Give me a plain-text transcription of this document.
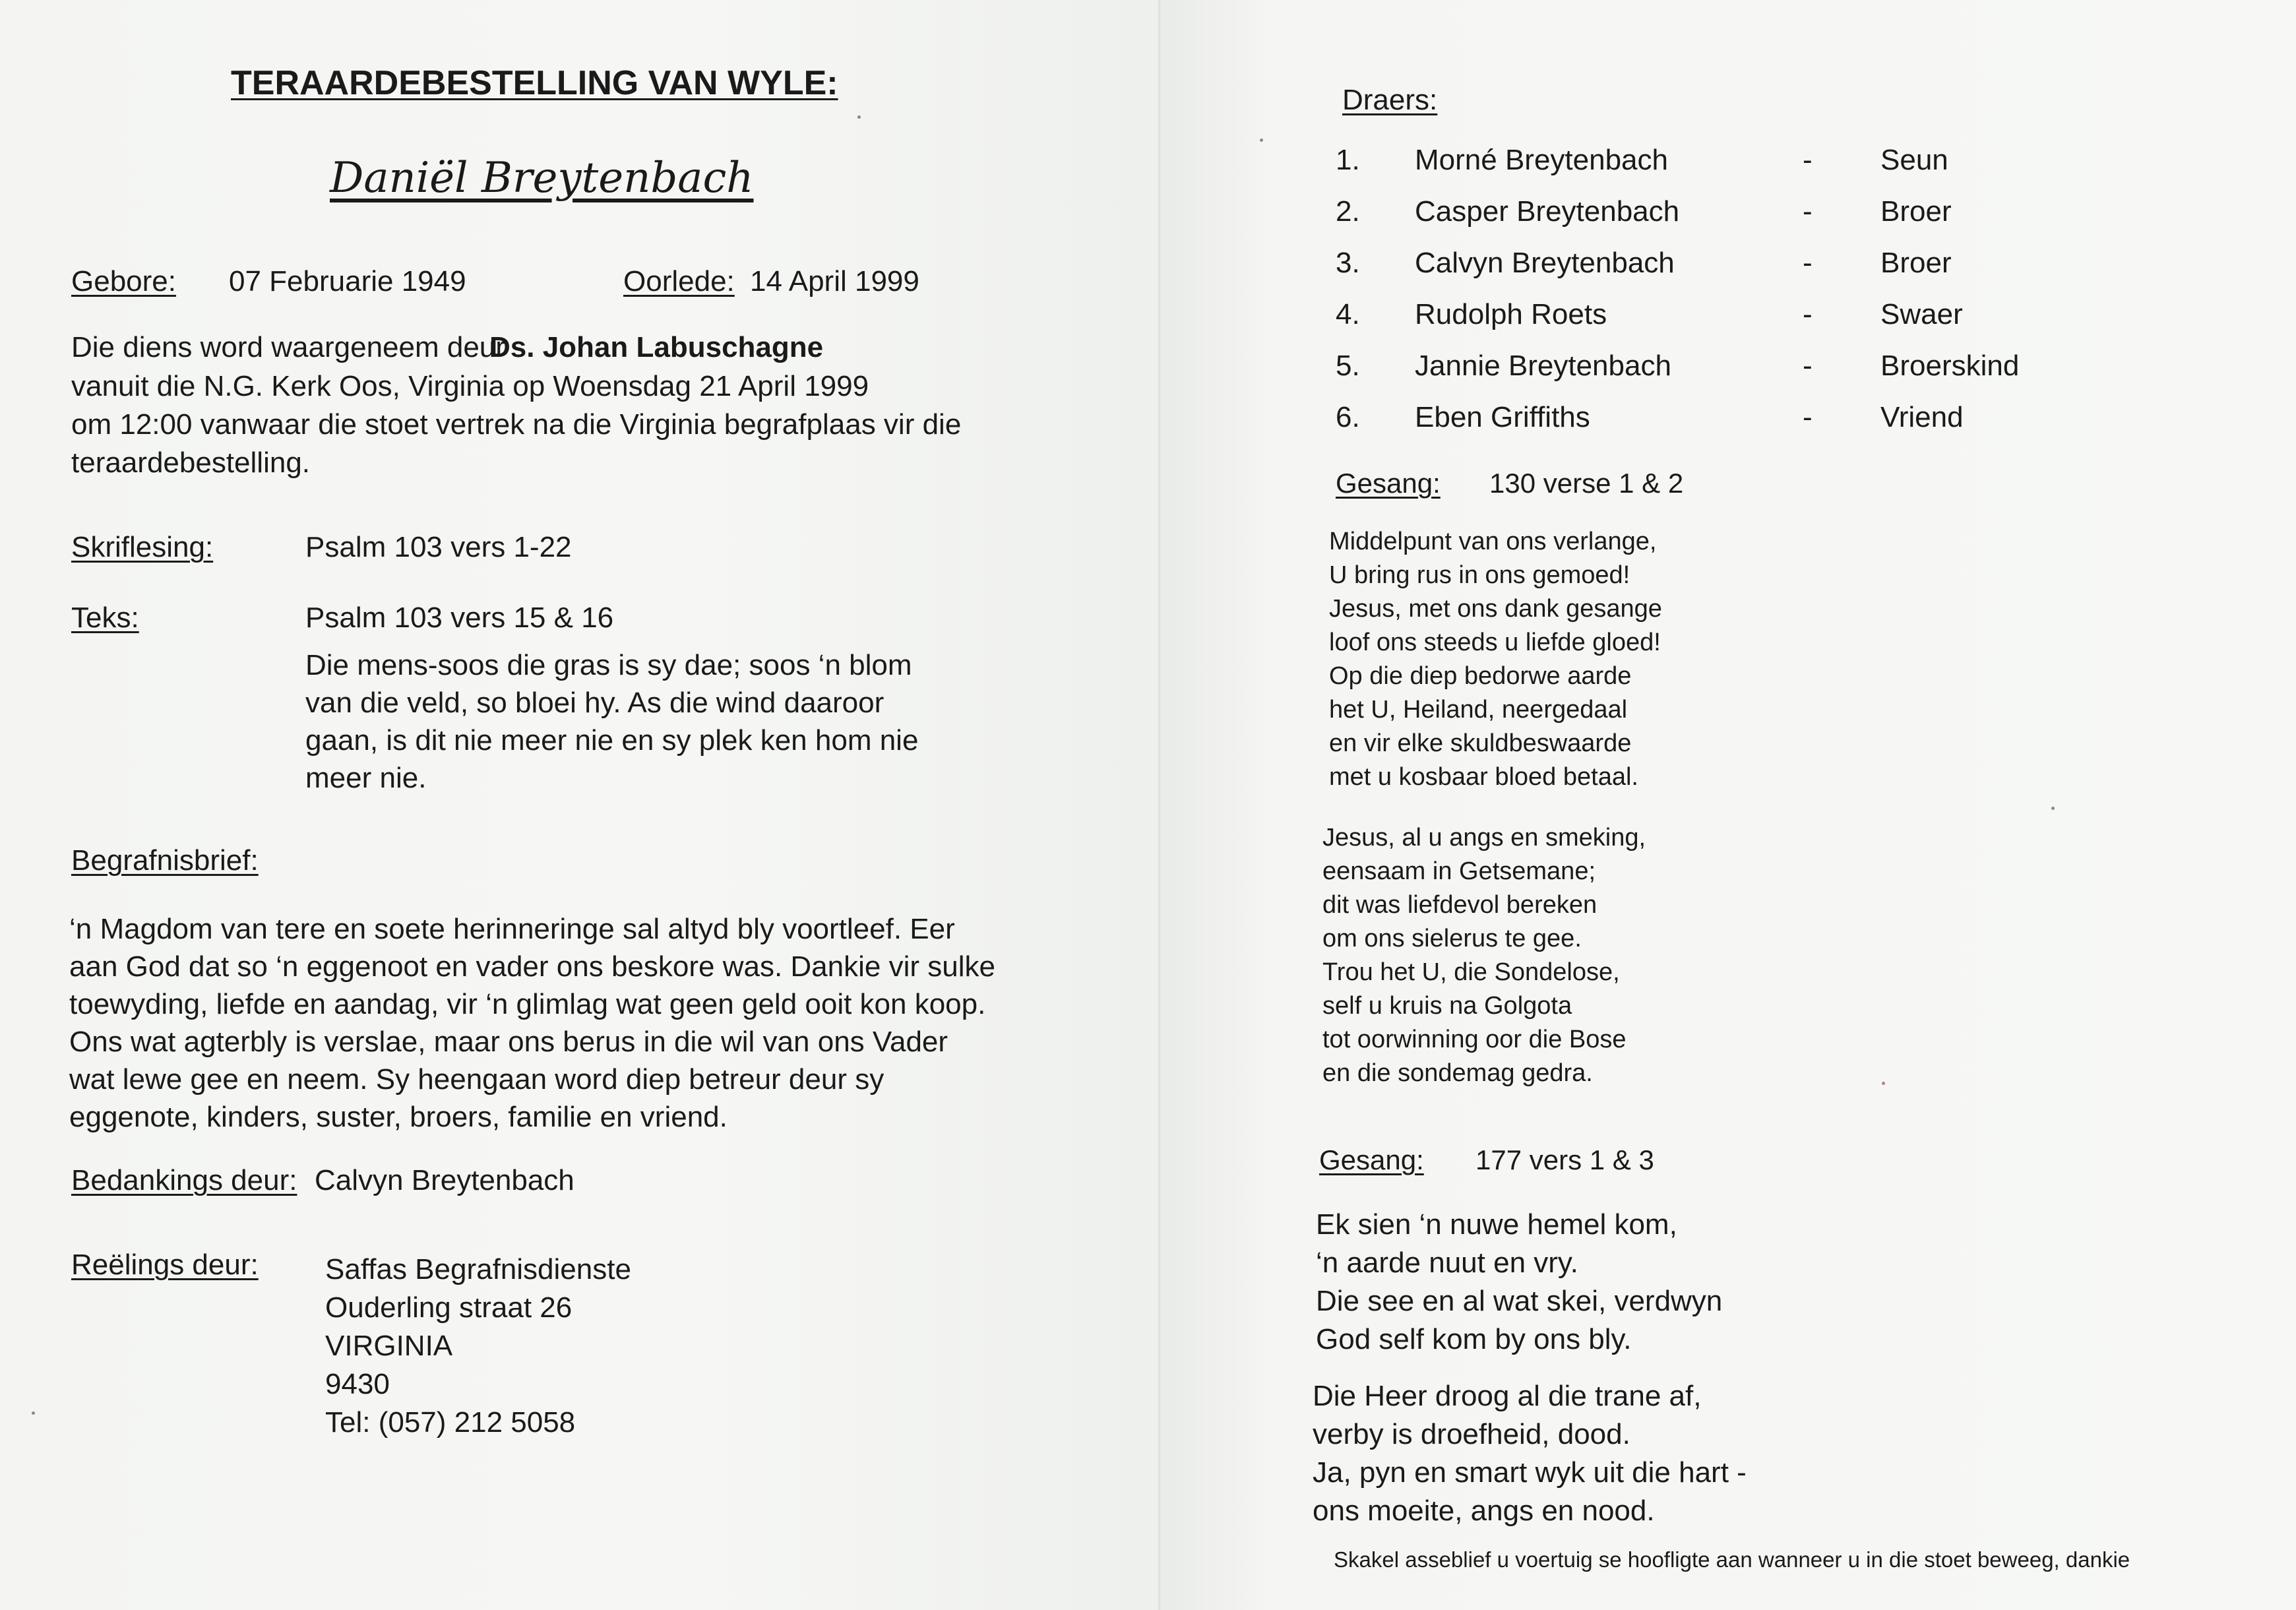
TERAARDEBESTELLING VAN WYLE:
Daniël Breytenbach
Gebore: 07 Februarie 1949	Oorlede: 14 April 1999
Die diens word waargeneem deur
Ds. Johan Labuschagne
vanuit die N.G. Kerk Oos, Virginia op Woensdag 21 April 1999
om 12:00 vanwaar die stoet vertrek na die Virginia begrafplaas vir die
teraardebestelling.
Skriflesing:	Psalm 103 vers 1-22
Teks:	Psalm 103 vers 15 & 16
Die mens-soos die gras is sy dae; soos ‘n blom
van die veld, so bloei hy. As die wind daaroor
gaan, is dit nie meer nie en sy plek ken hom nie
meer nie.
Begrafnisbrief:
‘n Magdom van tere en soete herinneringe sal altyd bly voortleef. Eer
aan God dat so ‘n eggenoot en vader ons beskore was. Dankie vir sulke
toewyding, liefde en aandag, vir ‘n glimlag wat geen geld ooit kon koop.
Ons wat agterbly is verslae, maar ons berus in die wil van ons Vader
wat lewe gee en neem. Sy heengaan word diep betreur deur sy
eggenote, kinders, suster, broers, familie en vriend.
Bedankings deur: Calvyn Breytenbach
Reëlings deur: Saffas Begrafnisdienste
Ouderling straat 26
VIRGINIA
9430
Tel: (057) 212 5058
Draers:
1. Morné Breytenbach	- Seun
2. Casper Breytenbach	- Broer
3. Calvyn Breytenbach	- Broer
4. Rudolph Roets	- Swaer
5. Jannie Breytenbach	- Broerskind
6. Eben Griffiths	- Vriend
Gesang: 130 verse 1 & 2
Middelpunt van ons verlange,
U bring rus in ons gemoed!
Jesus, met ons dank gesange
loof ons steeds u liefde gloed!
Op die diep bedorwe aarde
het U, Heiland, neergedaal
en vir elke skuldbeswaarde
met u kosbaar bloed betaal.
Jesus, al u angs en smeking,
eensaam in Getsemane;
dit was liefdevol bereken
om ons sielerus te gee.
Trou het U, die Sondelose,
self u kruis na Golgota
tot oorwinning oor die Bose
en die sondemag gedra.
Gesang: 177 vers 1 & 3
Ek sien ‘n nuwe hemel kom,
‘n aarde nuut en vry.
Die see en al wat skei, verdwyn
God self kom by ons bly.
Die Heer droog al die trane af,
verby is droefheid, dood.
Ja, pyn en smart wyk uit die hart -
ons moeite, angs en nood.
Skakel asseblief u voertuig se hoofligte aan wanneer u in die stoet beweeg, dankie
